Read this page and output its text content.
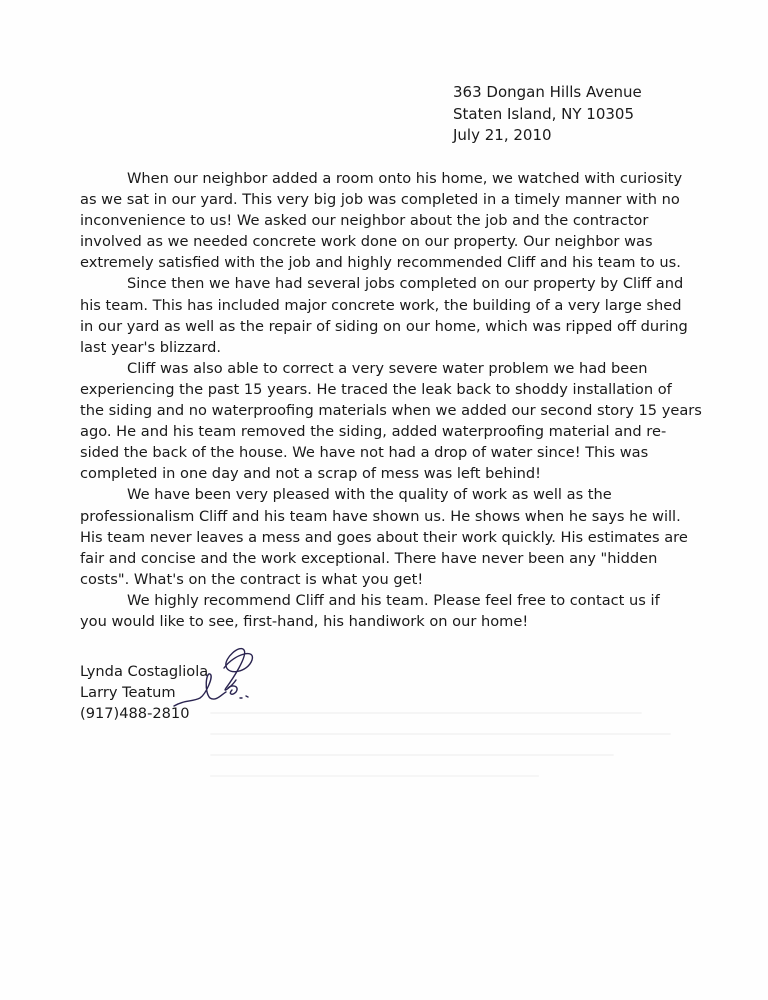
363 Dongan Hills Avenue
Staten Island, NY 10305
July 21, 2010

When our neighbor added a room onto his home, we watched with curiosity
as we sat in our yard. This very big job was completed in a timely manner with no
inconvenience to us! We asked our neighbor about the job and the contractor
involved as we needed concrete work done on our property. Our neighbor was
extremely satisfied with the job and highly recommended Cliff and his team to us.

Since then we have had several jobs completed on our property by Cliff and
his team. This has included major concrete work, the building of a very large shed
in our yard as well as the repair of siding on our home, which was ripped off during
last year's blizzard.

Cliff was also able to correct a very severe water problem we had been
experiencing the past 15 years. He traced the leak back to shoddy installation of
the siding and no waterproofing materials when we added our second story 15 years
ago. He and his team removed the siding, added waterproofing material and re-
sided the back of the house. We have not had a drop of water since! This was
completed in one day and not a scrap of mess was left behind!

We have been very pleased with the quality of work as well as the
professionalism Cliff and his team have shown us. He shows when he says he will.
His team never leaves a mess and goes about their work quickly. His estimates are
fair and concise and the work exceptional. There have never been any "hidden
costs". What's on the contract is what you get!

We highly recommend Cliff and his team. Please feel free to contact us if
you would like to see, first-hand, his handiwork on our home!

Lynda Costagliola
Larry Teatum
(917)488-2810
